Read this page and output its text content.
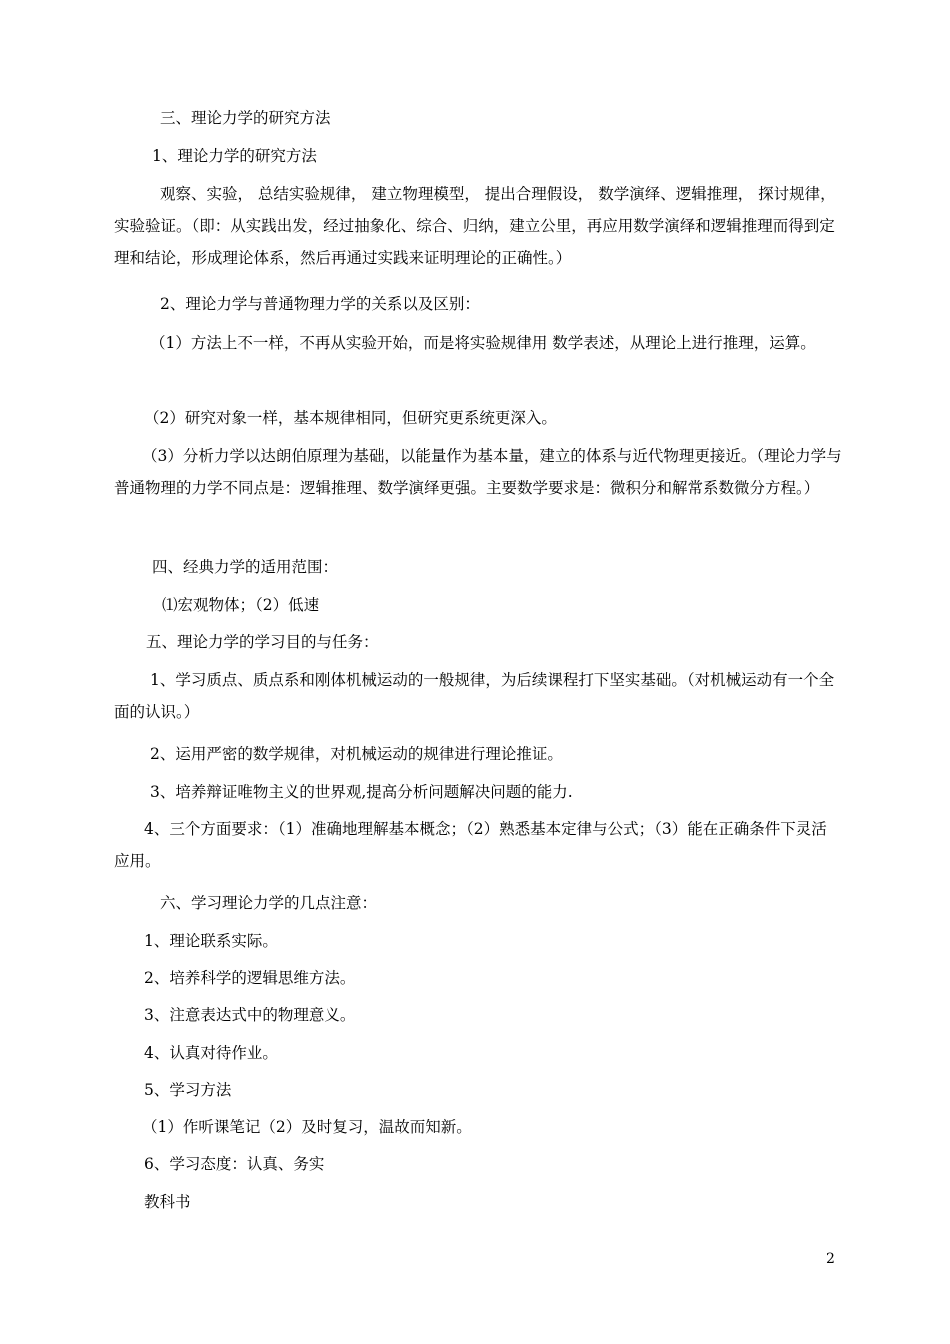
三、理论力学的研究方法

1、理论力学的研究方法

观察、实验， 总结实验规律， 建立物理模型， 提出合理假设， 数学演绎、逻辑推理， 探讨规律， 实验验证。（即：从实践出发，经过抽象化、综合、归纳，建立公里，再应用数学演绎和逻辑推理而得到定理和结论，形成理论体系，然后再通过实践来证明理论的正确性。）

2、理论力学与普通物理力学的关系以及区别：

（1）方法上不一样，不再从实验开始，而是将实验规律用 数学表述，从理论上进行推理，运算。

（2）研究对象一样，基本规律相同，但研究更系统更深入。

（3）分析力学以达朗伯原理为基础，以能量作为基本量，建立的体系与近代物理更接近。（理论力学与普通物理的力学不同点是：逻辑推理、数学演绎更强。主要数学要求是：微积分和解常系数微分方程。）

四、经典力学的适用范围：

⑴宏观物体；（2）低速

五、理论力学的学习目的与任务：

1、学习质点、质点系和刚体机械运动的一般规律，为后续课程打下坚实基础。（对机械运动有一个全面的认识。）

2、运用严密的数学规律，对机械运动的规律进行理论推证。

3、培养辩证唯物主义的世界观,提高分析问题解决问题的能力.

4、三个方面要求：（1）准确地理解基本概念；（2）熟悉基本定律与公式；（3）能在正确条件下灵活应用。

六、学习理论力学的几点注意：

1、理论联系实际。

2、培养科学的逻辑思维方法。

3、注意表达式中的物理意义。

4、认真对待作业。

5、学习方法

（1）作听课笔记（2）及时复习，温故而知新。

6、学习态度：认真、务实

教科书

2
